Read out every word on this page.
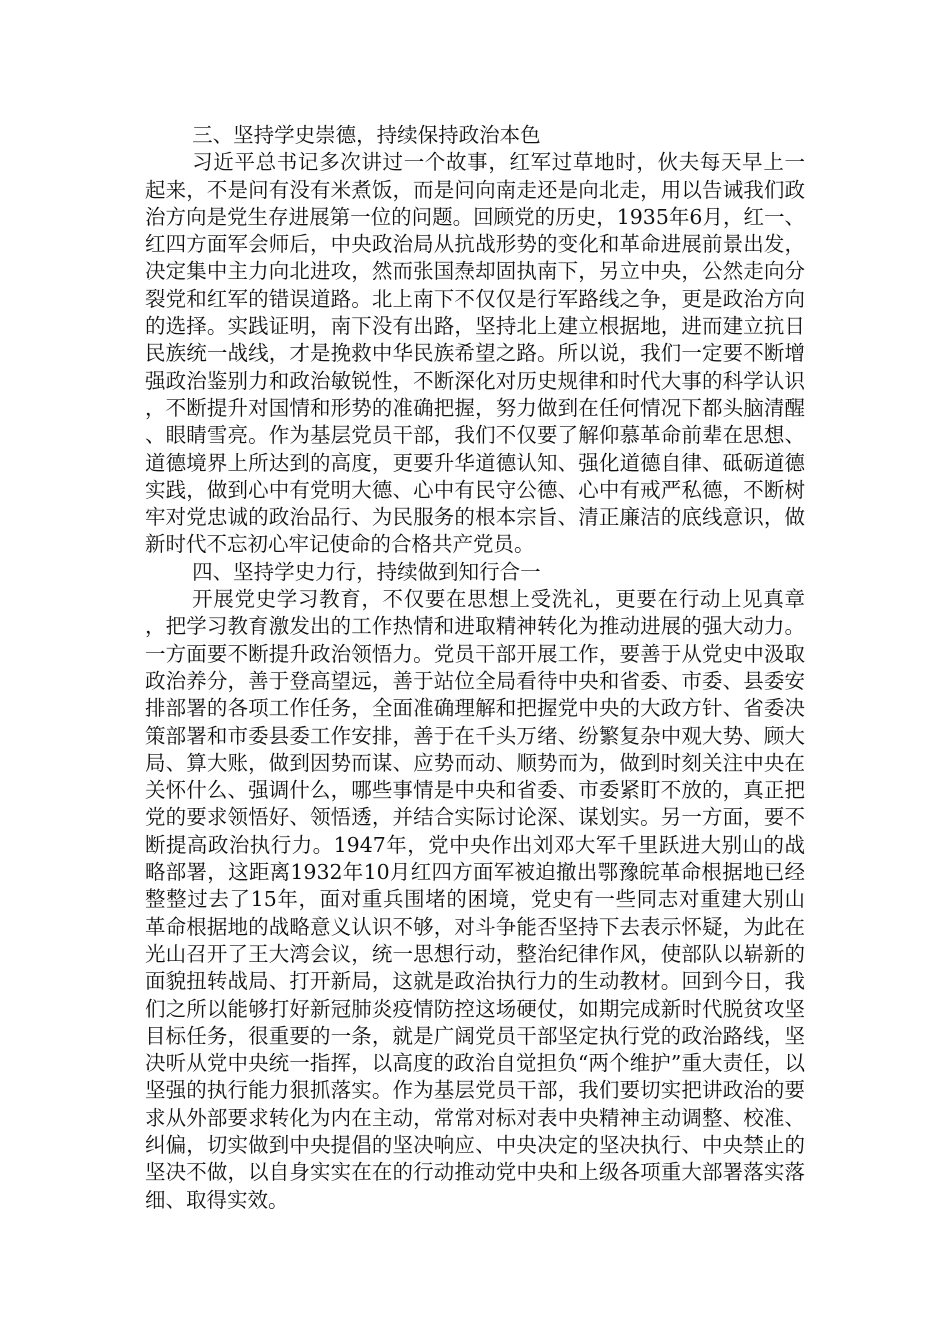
三、坚持学史崇德，持续保持政治本色

习近平总书记多次讲过一个故事，红军过草地时，伙夫每天早上一起来，不是问有没有米煮饭，而是问向南走还是向北走，用以告诫我们政治方向是党生存进展第一位的问题。回顾党的历史，1935年6月，红一、红四方面军会师后，中央政治局从抗战形势的变化和革命进展前景出发，决定集中主力向北进攻，然而张国焘却固执南下，另立中央，公然走向分裂党和红军的错误道路。北上南下不仅仅是行军路线之争，更是政治方向的选择。实践证明，南下没有出路，坚持北上建立根据地，进而建立抗日民族统一战线，才是挽救中华民族希望之路。所以说，我们一定要不断增强政治鉴别力和政治敏锐性，不断深化对历史规律和时代大事的科学认识，不断提升对国情和形势的准确把握，努力做到在任何情况下都头脑清醒、眼睛雪亮。作为基层党员干部，我们不仅要了解仰慕革命前辈在思想、道德境界上所达到的高度，更要升华道德认知、强化道德自律、砥砺道德实践，做到心中有党明大德、心中有民守公德、心中有戒严私德，不断树牢对党忠诚的政治品行、为民服务的根本宗旨、清正廉洁的底线意识，做新时代不忘初心牢记使命的合格共产党员。

四、坚持学史力行，持续做到知行合一

开展党史学习教育，不仅要在思想上受洗礼，更要在行动上见真章，把学习教育激发出的工作热情和进取精神转化为推动进展的强大动力。一方面要不断提升政治领悟力。党员干部开展工作，要善于从党史中汲取政治养分，善于登高望远，善于站位全局看待中央和省委、市委、县委安排部署的各项工作任务，全面准确理解和把握党中央的大政方针、省委决策部署和市委县委工作安排，善于在千头万绪、纷繁复杂中观大势、顾大局、算大账，做到因势而谋、应势而动、顺势而为，做到时刻关注中央在关怀什么、强调什么，哪些事情是中央和省委、市委紧盯不放的，真正把党的要求领悟好、领悟透，并结合实际讨论深、谋划实。另一方面，要不断提高政治执行力。1947年，党中央作出刘邓大军千里跃进大别山的战略部署，这距离1932年10月红四方面军被迫撤出鄂豫皖革命根据地已经整整过去了15年，面对重兵围堵的困境，党史有一些同志对重建大别山革命根据地的战略意义认识不够，对斗争能否坚持下去表示怀疑，为此在光山召开了王大湾会议，统一思想行动，整治纪律作风，使部队以崭新的面貌扭转战局、打开新局，这就是政治执行力的生动教材。回到今日，我们之所以能够打好新冠肺炎疫情防控这场硬仗，如期完成新时代脱贫攻坚目标任务，很重要的一条，就是广阔党员干部坚定执行党的政治路线，坚决听从党中央统一指挥，以高度的政治自觉担负“两个维护”重大责任，以坚强的执行能力狠抓落实。作为基层党员干部，我们要切实把讲政治的要求从外部要求转化为内在主动，常常对标对表中央精神主动调整、校准、纠偏，切实做到中央提倡的坚决响应、中央决定的坚决执行、中央禁止的坚决不做，以自身实实在在的行动推动党中央和上级各项重大部署落实落细、取得实效。
